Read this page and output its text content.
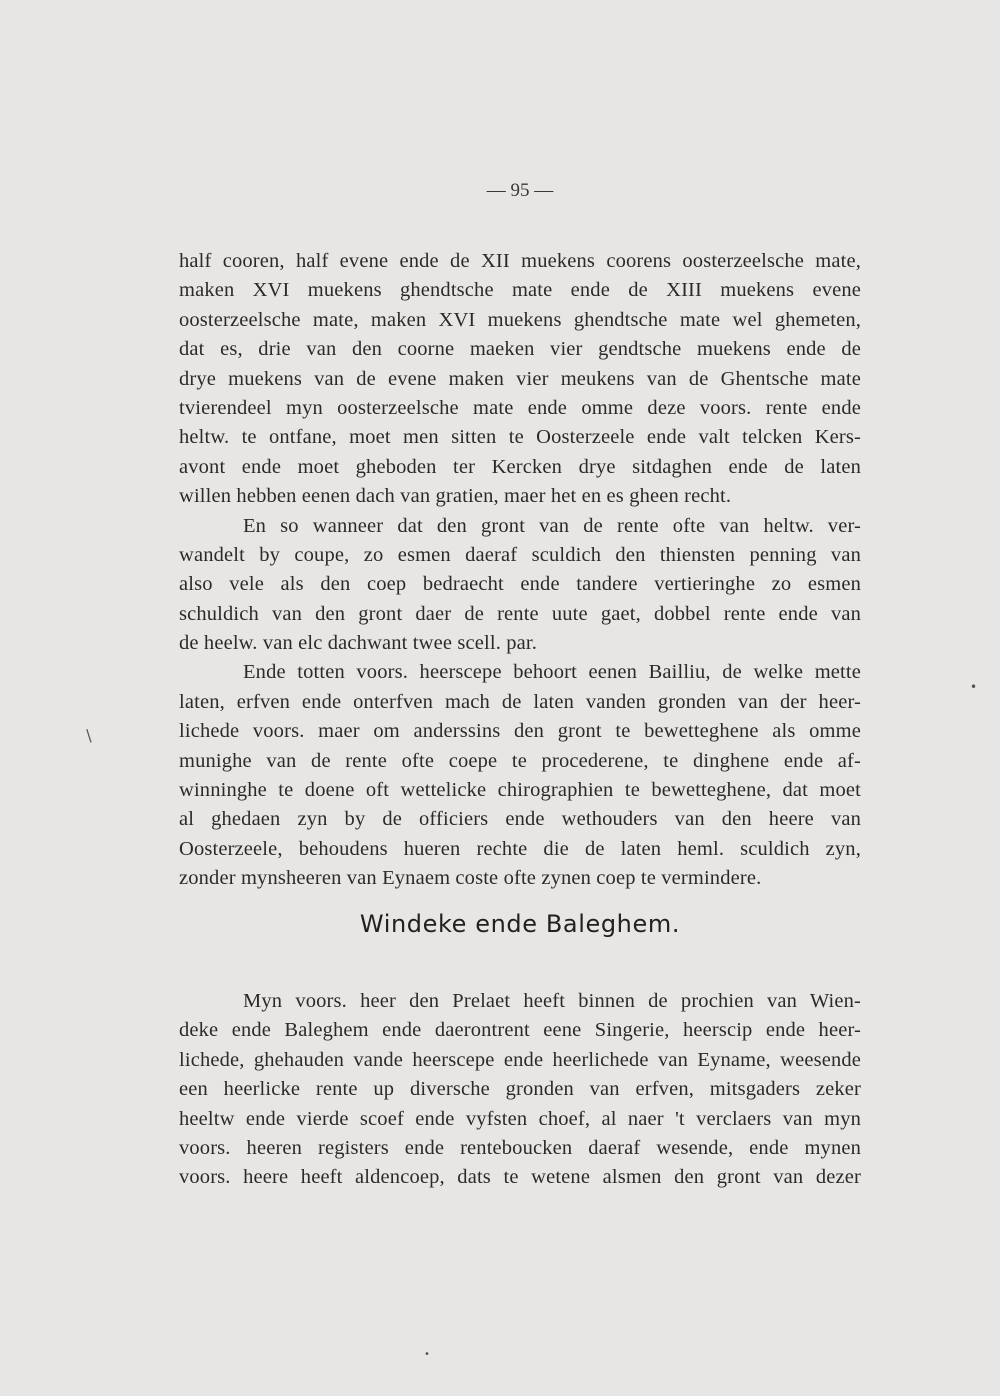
— 95 —
half cooren, half evene ende de XII muekens coorens oosterzeelsche mate,
maken XVI muekens ghendtsche mate ende de XIII muekens evene
oosterzeelsche mate, maken XVI muekens ghendtsche mate wel ghemeten,
dat es, drie van den coorne maeken vier gendtsche muekens ende de
drye muekens van de evene maken vier meukens van de Ghentsche mate
tvierendeel myn oosterzeelsche mate ende omme deze voors. rente ende
heltw. te ontfane, moet men sitten te Oosterzeele ende valt telcken Kers-
avont ende moet gheboden ter Kercken drye sitdaghen ende de laten
willen hebben eenen dach van gratien, maer het en es gheen recht.
En so wanneer dat den gront van de rente ofte van heltw. ver-
wandelt by coupe, zo esmen daeraf sculdich den thiensten penning van
also vele als den coep bedraecht ende tandere vertieringhe zo esmen
schuldich van den gront daer de rente uute gaet, dobbel rente ende van
de heelw. van elc dachwant twee scell. par.
Ende totten voors. heerscepe behoort eenen Bailliu, de welke mette
laten, erfven ende onterfven mach de laten vanden gronden van der heer-
lichede voors. maer om anderssins den gront te bewetteghene als omme
munighe van de rente ofte coepe te procederene, te dinghene ende af-
winninghe te doene oft wettelicke chirographien te bewetteghene, dat moet
al ghedaen zyn by de officiers ende wethouders van den heere van
Oosterzeele, behoudens hueren rechte die de laten heml. sculdich zyn,
zonder mynsheeren van Eynaem coste ofte zynen coep te vermindere.
Windeke ende Baleghem.
Myn voors. heer den Prelaet heeft binnen de prochien van Wien-
deke ende Baleghem ende daerontrent eene Singerie, heerscip ende heer-
lichede, ghehauden vande heerscepe ende heerlichede van Eyname, weesende
een heerlicke rente up diversche gronden van erfven, mitsgaders zeker
heeltw ende vierde scoef ende vyfsten choef, al naer 't verclaers van myn
voors. heeren registers ende renteboucken daeraf wesende, ende mynen
voors. heere heeft aldencoep, dats te wetene alsmen den gront van dezer
/
•
•
